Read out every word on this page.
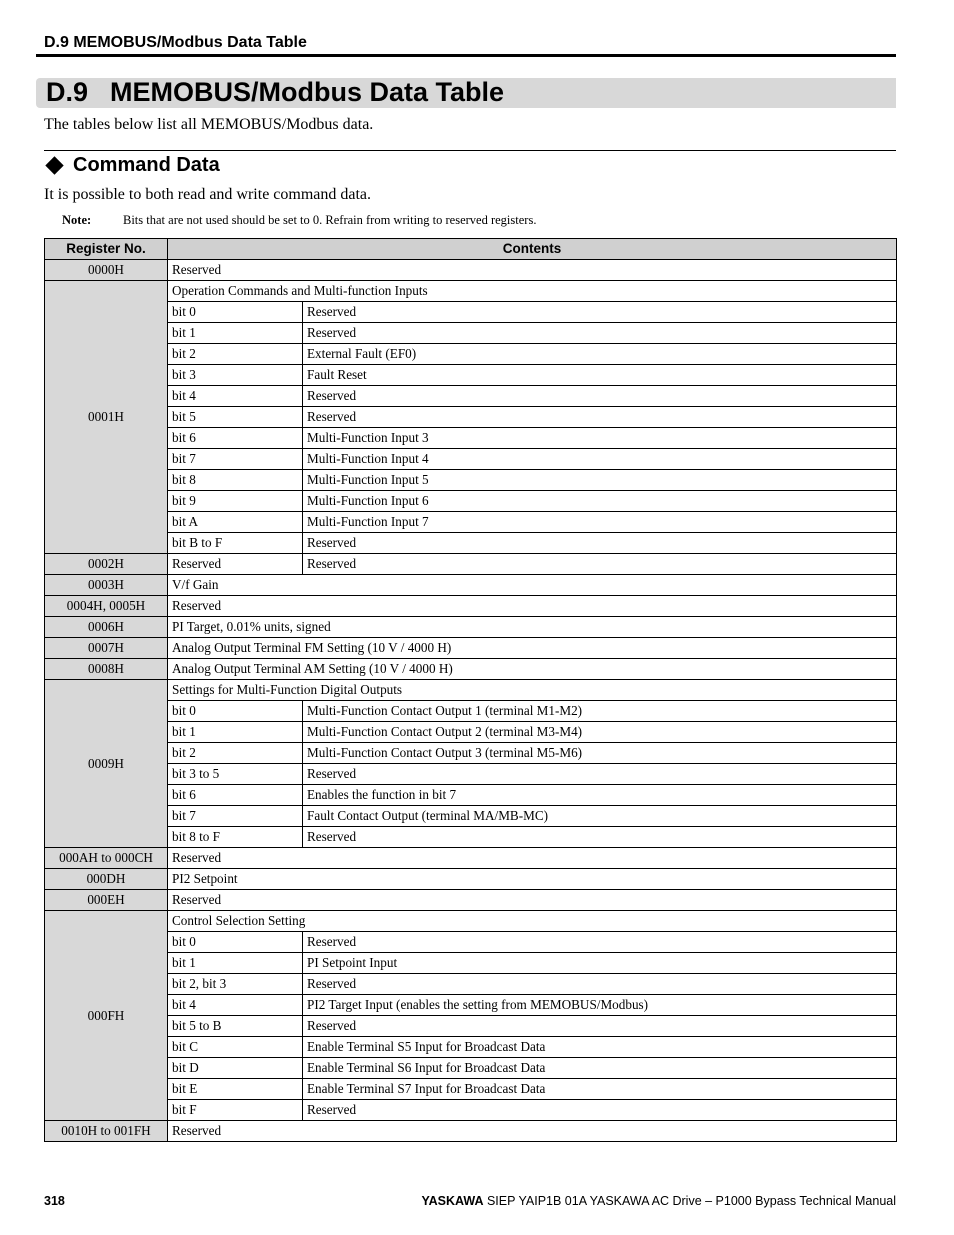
D.9 MEMOBUS/Modbus Data Table
D.9 MEMOBUS/Modbus Data Table
The tables below list all MEMOBUS/Modbus data.
Command Data
It is possible to both read and write command data.
Note:	Bits that are not used should be set to 0. Refrain from writing to reserved registers.
Register No.	Contents	
0000H	Reserved	
0001H	Operation Commands and Multi-function Inputs	
	bit 0	Reserved
	bit 1	Reserved
	bit 2	External Fault (EF0)
	bit 3	Fault Reset
	bit 4	Reserved
	bit 5	Reserved
	bit 6	Multi-Function Input 3
	bit 7	Multi-Function Input 4
	bit 8	Multi-Function Input 5
	bit 9	Multi-Function Input 6
	bit A	Multi-Function Input 7
	bit B to F	Reserved
0002H	Reserved	Reserved
0003H	V/f Gain	
0004H, 0005H	Reserved	
0006H	PI Target, 0.01% units, signed	
0007H	Analog Output Terminal FM Setting (10 V / 4000 H)	
0008H	Analog Output Terminal AM Setting (10 V / 4000 H)	
0009H	Settings for Multi-Function Digital Outputs	
	bit 0	Multi-Function Contact Output 1 (terminal M1-M2)
	bit 1	Multi-Function Contact Output 2 (terminal M3-M4)
	bit 2	Multi-Function Contact Output 3 (terminal M5-M6)
	bit 3 to 5	Reserved
	bit 6	Enables the function in bit 7
	bit 7	Fault Contact Output (terminal MA/MB-MC)
	bit 8 to F	Reserved
000AH to 000CH	Reserved	
000DH	PI2 Setpoint	
000EH	Reserved	
000FH	Control Selection Setting	
	bit 0	Reserved
	bit 1	PI Setpoint Input
	bit 2, bit 3	Reserved
	bit 4	PI2 Target Input (enables the setting from MEMOBUS/Modbus)
	bit 5 to B	Reserved
	bit C	Enable Terminal S5 Input for Broadcast Data
	bit D	Enable Terminal S6 Input for Broadcast Data
	bit E	Enable Terminal S7 Input for Broadcast Data
	bit F	Reserved
0010H to 001FH	Reserved	
318	YASKAWA SIEP YAIP1B 01A YASKAWA AC Drive – P1000 Bypass Technical Manual
